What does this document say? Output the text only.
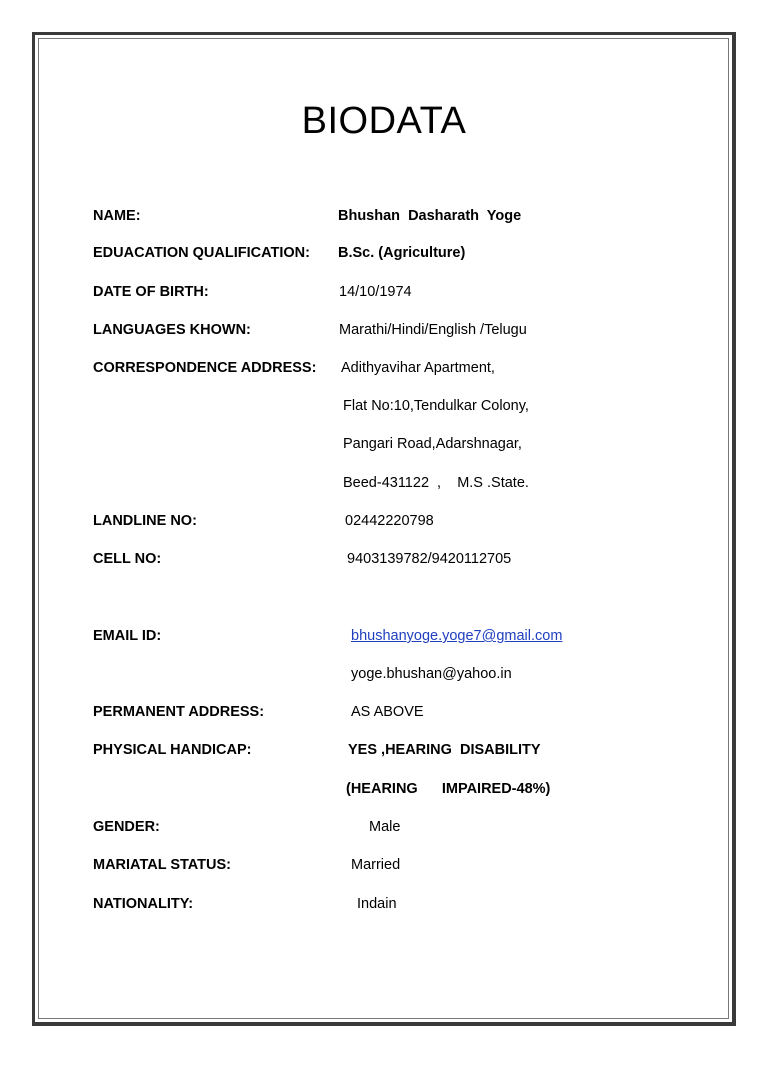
BIODATA
NAME:	Bhushan  Dasharath  Yoge
EDUACATION QUALIFICATION: B.Sc. (Agriculture)
DATE OF BIRTH:	14/10/1974
LANGUAGES KHOWN:	Marathi/Hindi/English /Telugu
CORRESPONDENCE ADDRESS: Adithyavihar Apartment,
Flat No:10,Tendulkar Colony,
Pangari Road,Adarshnagar,
Beed-431122  ,    M.S .State.
LANDLINE NO:	02442220798
CELL NO:	9403139782/9420112705
EMAIL ID:	bhushanyoge.yoge7@gmail.com
yoge.bhushan@yahoo.in
PERMANENT ADDRESS:	AS ABOVE
PHYSICAL HANDICAP:	YES ,HEARING  DISABILITY
(HEARING      IMPAIRED-48%)
GENDER:	Male
MARIATAL STATUS:	Married
NATIONALITY:	Indain
